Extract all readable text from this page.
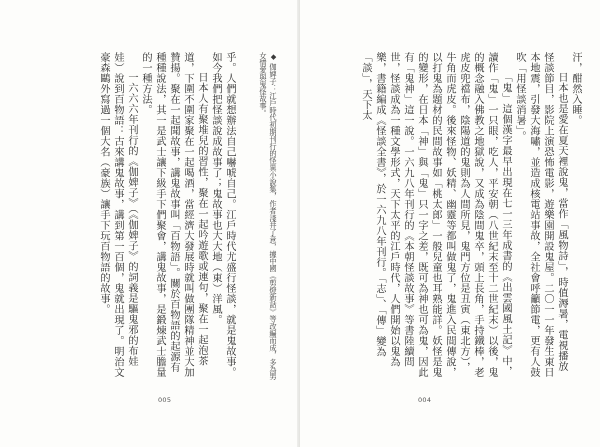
乎。人們就想辦法自己嚇唬自己。江戶時代尤盛行怪談，就是鬼故事。如今我們把怪談說成故事了；鬼故事也大大地（東）洋風。

日本人有聚堆兒的習性，聚在一起吟遊歌或連句，聚在一起泡茶道，下圍不圍家聚在一起喝酒，當經濟大發展時就叫做團隊精神並大加贊揚。聚在一起聞故事，講鬼故事叫「百物語」。關於百物語的起源有種種說法，其一是武士讓下級手下們聚會，講鬼故事，是鍛煉武士膽量的一種方法。

一六六六年刊行的《伽婢子》（《伽婢子》的詞義是驅鬼邪的布娃娃）說到百物語：古來講鬼故事，講到第一百個，鬼就出現了。明治文豪森鷗外寫過一個大名（豪族）讓手下玩百物語的故事。	◆ 伽婢子：江戶時代初期刊行的怪異小說集，作者淺井了意，據中國《剪燈新話》等改編而成，多為男女情愛與鬼怪故事。
005

汗，酣然入睡。

日本也是愛在夏天裡說鬼，當作「風物詩」，時值溽暑，電視播放怪談節目，影院上演恐怖電影，遊樂園開設鬼屋。二〇一一年發生東日本地震，引發大海嘯，並造成核電站事故，全社會呼籲節電，更有人鼓吹「用怪談消暑」。

「鬼」這個漢字最早出現在七一三年成書的《出雲國風土記》中，讀作「鬼」一只眼，吃人，平安朝（八世紀末至十二世紀末）以後，鬼的概念融入佛教之地獄說，又成為陰間鬼卒，頭上長角，手持鐵棒，老虎皮兜襠布，陰陽道的鬼則為人間所見，鬼門方位是丑寅（東北方），牛角而虎皮。後來怪物、妖精、幽靈等都叫做鬼了，鬼進入民間傳說，以打鬼為題材的民間故事如「桃太郎」一般兒童也耳熟能詳。妖怪是鬼的變形，在日本「神」與「鬼」只一字之差，既可為神也可為鬼，因此有「鬼神」這一說。一六九八年刊行的《本朝怪談故事》等書陸續問世，怪談成為一種文學形式，天下太平的江戶時代，人們開始以鬼為樂，書籍編成《怪談全書》，於一六九八年刊行。「志」、「傳」變為「談」，天下太

004
